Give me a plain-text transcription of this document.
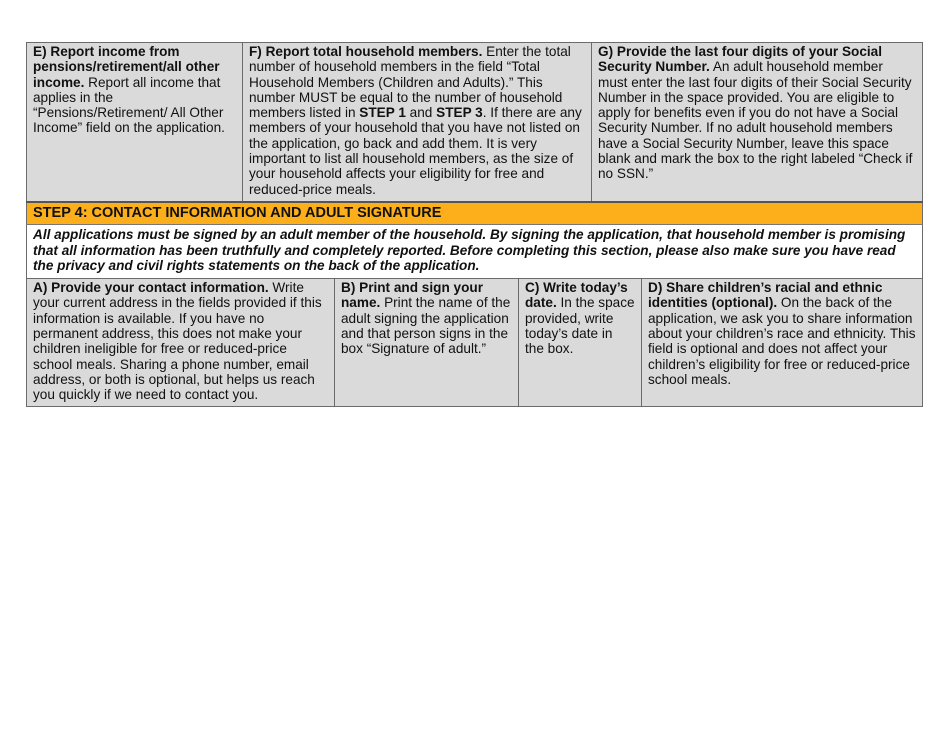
E) Report income from pensions/retirement/all other income. Report all income that applies in the “Pensions/Retirement/ All Other Income” field on the application.	F) Report total household members. Enter the total number of household members in the field “Total Household Members (Children and Adults).” This number MUST be equal to the number of household members listed in STEP 1 and STEP 3. If there are any members of your household that you have not listed on the application, go back and add them. It is very important to list all household members, as the size of your household affects your eligibility for free and reduced-price meals.	G) Provide the last four digits of your Social Security Number. An adult household member must enter the last four digits of their Social Security Number in the space provided. You are eligible to apply for benefits even if you do not have a Social Security Number. If no adult household members have a Social Security Number, leave this space blank and mark the box to the right labeled “Check if no SSN.”
STEP 4: CONTACT INFORMATION AND ADULT SIGNATURE
All applications must be signed by an adult member of the household. By signing the application, that household member is promising that all information has been truthfully and completely reported. Before completing this section, please also make sure you have read the privacy and civil rights statements on the back of the application.
A) Provide your contact information. Write your current address in the fields provided if this information is available. If you have no permanent address, this does not make your children ineligible for free or reduced-price school meals. Sharing a phone number, email address, or both is optional, but helps us reach you quickly if we need to contact you.	B) Print and sign your name. Print the name of the adult signing the application and that person signs in the box “Signature of adult.”	C) Write today’s date. In the space provided, write today’s date in the box.	D) Share children’s racial and ethnic identities (optional). On the back of the application, we ask you to share information about your children’s race and ethnicity. This field is optional and does not affect your children’s eligibility for free or reduced-price school meals.
